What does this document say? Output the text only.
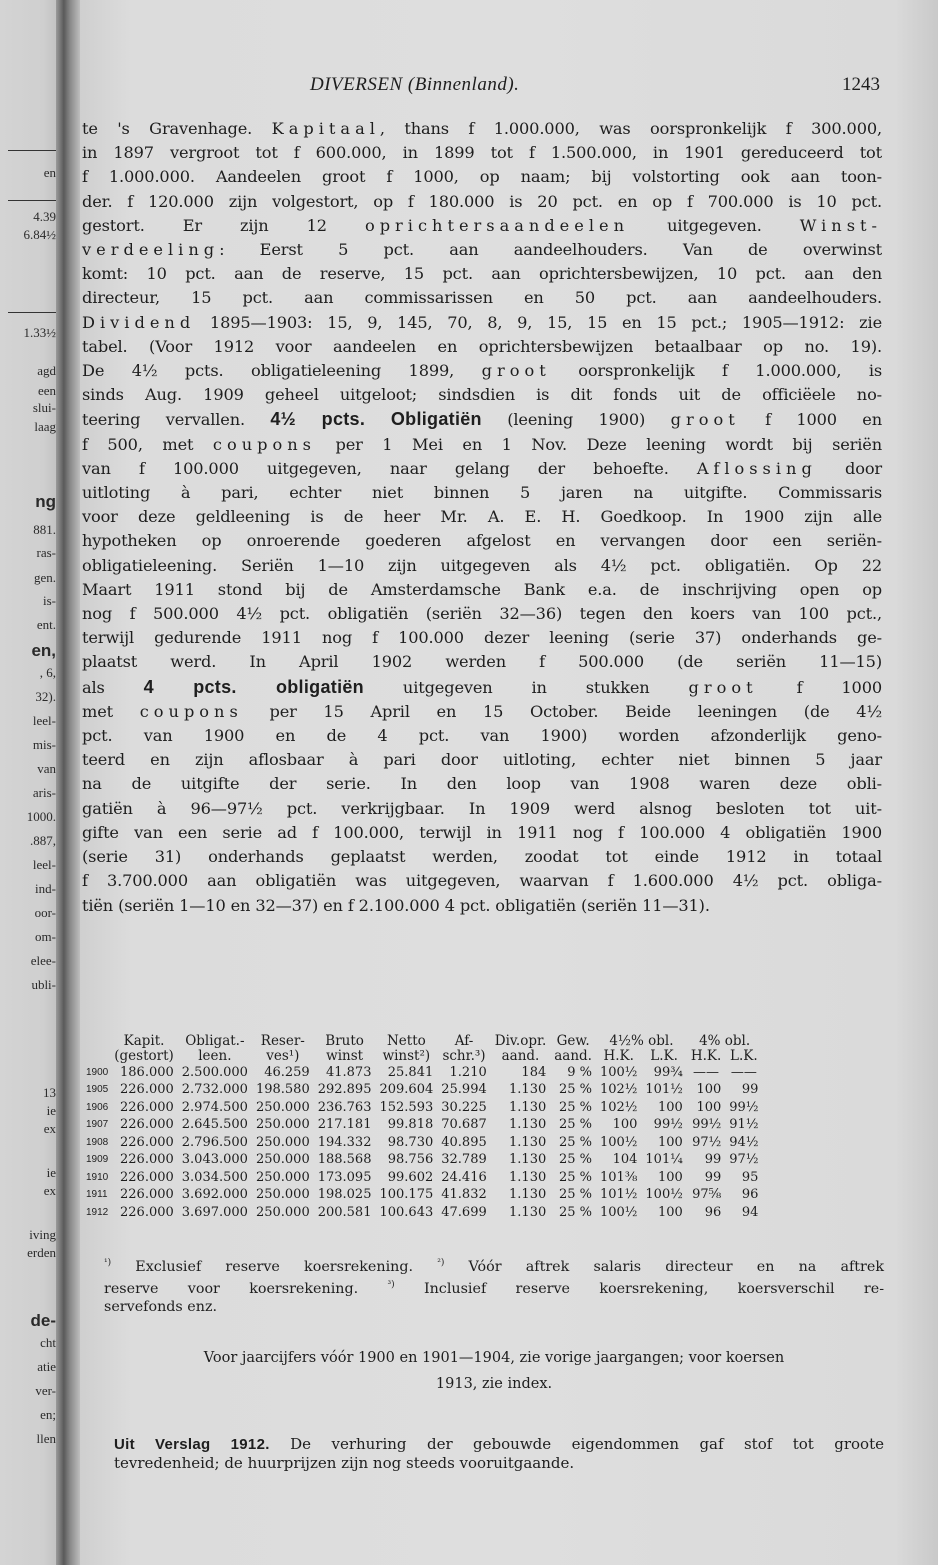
en
4.39
6.84½
1.33½
agd
een
slui-
laag
ng
881.
ras-
gen.
is-
ent.
en,
, 6,
32).
leel-
mis-
van
aris-
1000.
.887,
leel-
ind-
oor-
om-
elee-
ubli-
13
ie
ex
ie
ex
iving
erden
de-
cht
atie
ver-
en;
llen
DIVERSEN (Binnenland).	1243
te 's Gravenhage. Kapitaal, thans f 1.000.000, was oorspronkelijk f 300.000,
in 1897 vergroot tot f 600.000, in 1899 tot f 1.500.000, in 1901 gereduceerd tot
f 1.000.000. Aandeelen groot f 1000, op naam; bij volstorting ook aan toon-
der. f 120.000 zijn volgestort, op f 180.000 is 20 pct. en op f 700.000 is 10 pct.
gestort. Er zijn 12 oprichtersaandeelen uitgegeven. Winst-
verdeeling: Eerst 5 pct. aan aandeelhouders. Van de overwinst
komt: 10 pct. aan de reserve, 15 pct. aan oprichtersbewijzen, 10 pct. aan den
directeur, 15 pct. aan commissarissen en 50 pct. aan aandeelhouders.
Dividend 1895—1903: 15, 9, 145, 70, 8, 9, 15, 15 en 15 pct.; 1905—1912: zie
tabel. (Voor 1912 voor aandeelen en oprichtersbewijzen betaalbaar op no. 19).
De 4½ pcts. obligatieleening 1899, groot oorspronkelijk f 1.000.000, is
sinds Aug. 1909 geheel uitgeloot; sindsdien is dit fonds uit de officiëele no-
teering vervallen. 4½ pcts. Obligatiën (leening 1900) groot f 1000 en
f 500, met coupons per 1 Mei en 1 Nov. Deze leening wordt bij seriën
van f 100.000 uitgegeven, naar gelang der behoefte. Aflossing door
uitloting à pari, echter niet binnen 5 jaren na uitgifte. Commissaris
voor deze geldleening is de heer Mr. A. E. H. Goedkoop. In 1900 zijn alle
hypotheken op onroerende goederen afgelost en vervangen door een seriën-
obligatieleening. Seriën 1—10 zijn uitgegeven als 4½ pct. obligatiën. Op 22
Maart 1911 stond bij de Amsterdamsche Bank e.a. de inschrijving open op
nog f 500.000 4½ pct. obligatiën (seriën 32—36) tegen den koers van 100 pct.,
terwijl gedurende 1911 nog f 100.000 dezer leening (serie 37) onderhands ge-
plaatst werd. In April 1902 werden f 500.000 (de seriën 11—15)
als 4 pcts. obligatiën uitgegeven in stukken groot f 1000
met coupons per 15 April en 15 October. Beide leeningen (de 4½
pct. van 1900 en de 4 pct. van 1900) worden afzonderlijk geno-
teerd en zijn aflosbaar à pari door uitloting, echter niet binnen 5 jaar
na de uitgifte der serie. In den loop van 1908 waren deze obli-
gatiën à 96—97½ pct. verkrijgbaar. In 1909 werd alsnog besloten tot uit-
gifte van een serie ad f 100.000, terwijl in 1911 nog f 100.000 4 obligatiën 1900
(serie 31) onderhands geplaatst werden, zoodat tot einde 1912 in totaal
f 3.700.000 aan obligatiën was uitgegeven, waarvan f 1.600.000 4½ pct. obliga-
tiën (seriën 1—10 en 32—37) en f 2.100.000 4 pct. obligatiën (seriën 11—31).
	Kapit.	Obligat.-	Reser-	Bruto	Netto	Af-	Div.opr.	Gew.	4½% obl.		4% obl.	
	(gestort)	leen.	ves¹)	winst	winst²)	schr.³)	aand.	aand.	H.K.	L.K.	H.K.	L.K.
1900	186.000	2.500.000	46.259	41.873	25.841	1.210	184	9 %	100½	99¾	——	——
1905	226.000	2.732.000	198.580	292.895	209.604	25.994	1.130	25 %	102½	101½	100	99
1906	226.000	2.974.500	250.000	236.763	152.593	30.225	1.130	25 %	102½	100	100	99½
1907	226.000	2.645.500	250.000	217.181	99.818	70.687	1.130	25 %	100	99½	99½	91½
1908	226.000	2.796.500	250.000	194.332	98.730	40.895	1.130	25 %	100½	100	97½	94½
1909	226.000	3.043.000	250.000	188.568	98.756	32.789	1.130	25 %	104	101¼	99	97½
1910	226.000	3.034.500	250.000	173.095	99.602	24.416	1.130	25 %	101⅜	100	99	95
1911	226.000	3.692.000	250.000	198.025	100.175	41.832	1.130	25 %	101½	100½	97⅝	96
1912	226.000	3.697.000	250.000	200.581	100.643	47.699	1.130	25 %	100½	100	96	94
$^{^1)}$ Exclusief reserve koersrekening.	$^{^2)}$ Vóór aftrek salaris directeur en na aftrek
reserve voor koersrekening.	$^{^3)}$ Inclusief reserve koersrekening, koersverschil re-
servefonds enz.
Voor jaarcijfers vóór 1900 en 1901—1904, zie vorige jaargangen; voor koersen
1913, zie index.
Uit Verslag 1912. De verhuring der gebouwde eigendommen gaf stof tot groote
tevredenheid; de huurprijzen zijn nog steeds vooruitgaande.
